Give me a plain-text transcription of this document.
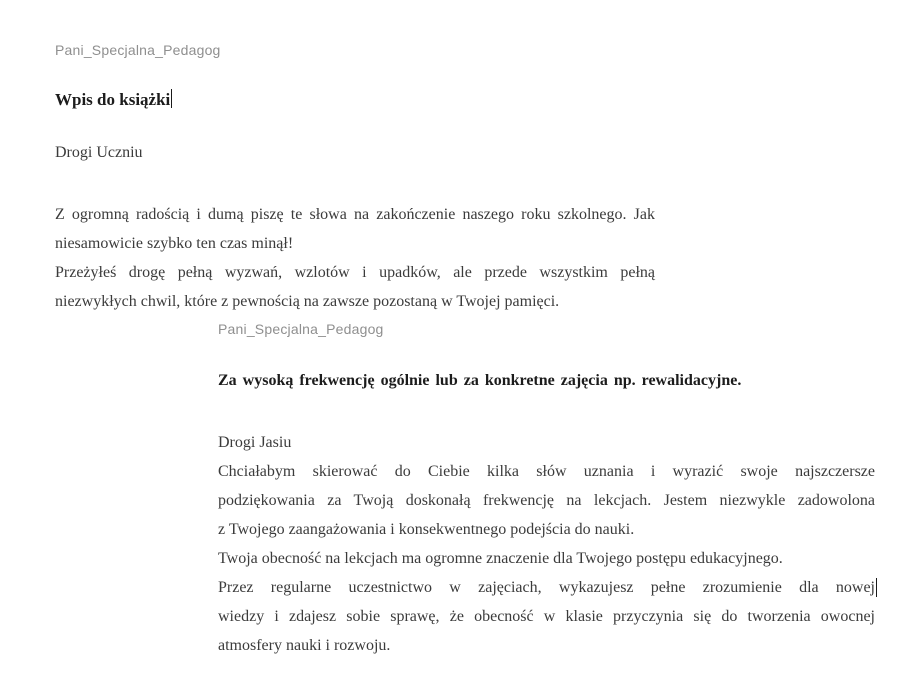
Pani_Specjalna_Pedagog
Wpis do książki
Drogi Uczniu
Z ogromną radością i dumą piszę te słowa na zakończenie naszego roku szkolnego. Jak
niesamowicie szybko ten czas minął!
Przeżyłeś drogę pełną wyzwań, wzlotów i upadków, ale przede wszystkim pełną
niezwykłych chwil, które z pewnością na zawsze pozostaną w Twojej pamięci.
Pani_Specjalna_Pedagog
Za wysoką frekwencję ogólnie lub za konkretne zajęcia np. rewalidacyjne.
Drogi Jasiu
Chciałabym skierować do Ciebie kilka słów uznania i wyrazić swoje najszczersze
podziękowania za Twoją doskonałą frekwencję na lekcjach. Jestem niezwykle zadowolona
z Twojego zaangażowania i konsekwentnego podejścia do nauki.
Twoja obecność na lekcjach ma ogromne znaczenie dla Twojego postępu edukacyjnego.
Przez regularne uczestnictwo w zajęciach, wykazujesz pełne zrozumienie dla nowej
wiedzy i zdajesz sobie sprawę, że obecność w klasie przyczynia się do tworzenia owocnej
atmosfery nauki i rozwoju.
